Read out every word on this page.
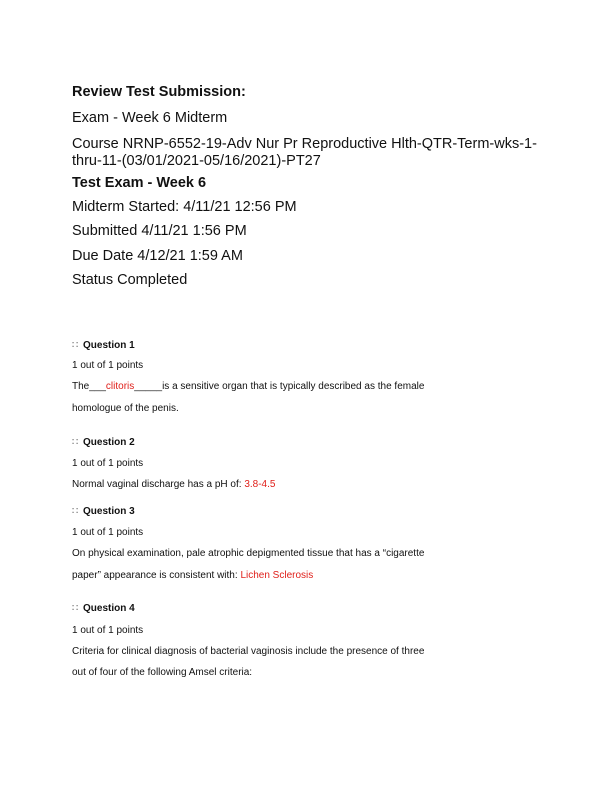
Review Test Submission:
Exam - Week 6 Midterm
Course NRNP-6552-19-Adv Nur Pr Reproductive Hlth-QTR-Term-wks-1-
thru-11-(03/01/2021-05/16/2021)-PT27
Test Exam - Week 6
Midterm Started: 4/11/21 12:56 PM
Submitted 4/11/21 1:56 PM
Due Date 4/12/21 1:59 AM
Status Completed
∷ Question 1
1 out of 1 points
The___clitoris_____is a sensitive organ that is typically described as the female
homologue of the penis.
∷ Question 2
1 out of 1 points
Normal vaginal discharge has a pH of: 3.8-4.5
∷ Question 3
1 out of 1 points
On physical examination, pale atrophic depigmented tissue that has a “cigarette
paper” appearance is consistent with: Lichen Sclerosis
∷ Question 4
1 out of 1 points
Criteria for clinical diagnosis of bacterial vaginosis include the presence of three
out of four of the following Amsel criteria:
